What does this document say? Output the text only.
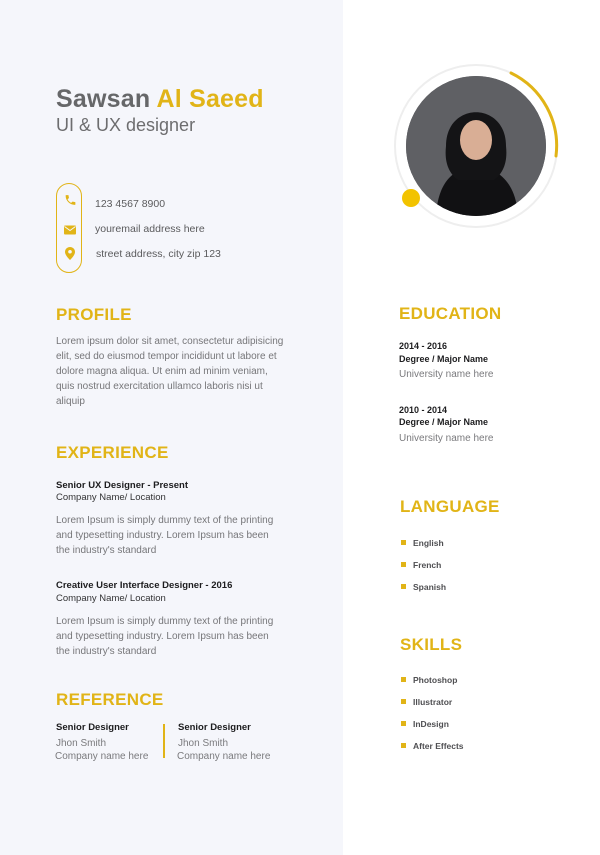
Sawsan Al Saeed
UI & UX designer
123 4567 8900
youremail address here
street address, city zip 123
PROFILE
Lorem ipsum dolor sit amet, consectetur adipisicing elit, sed do eiusmod tempor incididunt ut labore et dolore magna aliqua. Ut enim ad minim veniam, quis nostrud exercitation ullamco laboris nisi ut aliquip
EXPERIENCE
Senior UX Designer - Present
Company Name/ Location
Lorem Ipsum is simply dummy text of the printing and typesetting industry. Lorem Ipsum has been the industry's standard
Creative User Interface Designer - 2016
Company Name/ Location
Lorem Ipsum is simply dummy text of the printing and typesetting industry. Lorem Ipsum has been the industry's standard
REFERENCE
Senior Designer
Jhon Smith
Company name here
Senior Designer
Jhon Smith
Company name here
EDUCATION
2014 - 2016
Degree / Major Name
University name here
2010 - 2014
Degree / Major Name
University name here
LANGUAGE
English
French
Spanish
SKILLS
Photoshop
Illustrator
InDesign
After Effects
